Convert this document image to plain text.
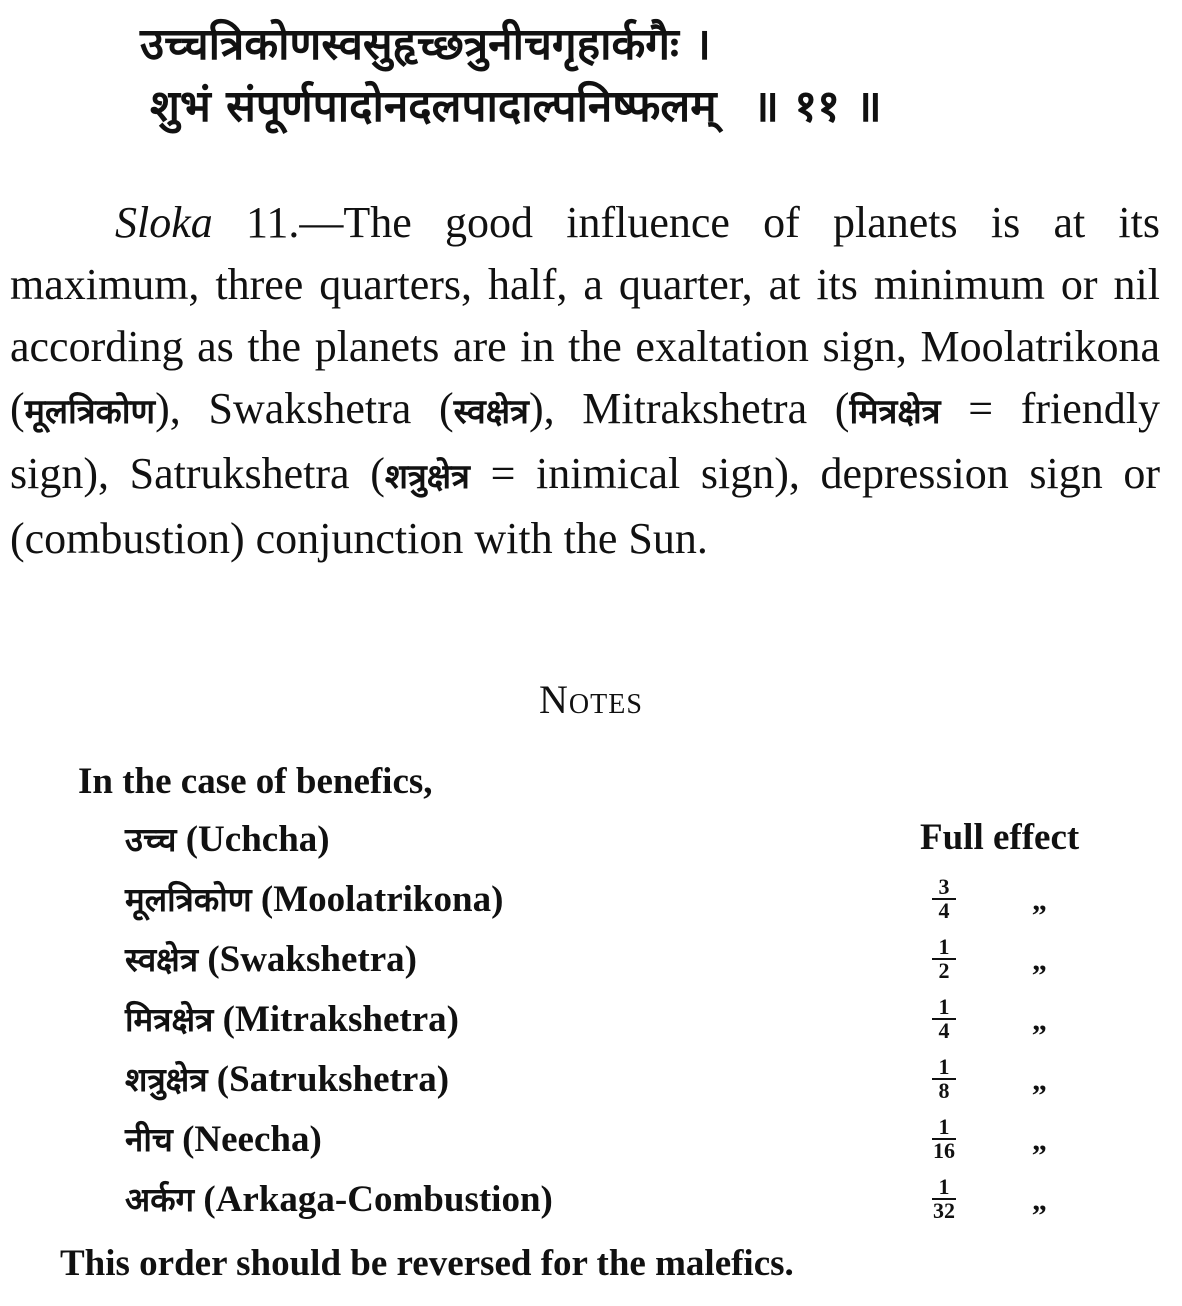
उच्चत्रिकोणस्वसुहृच्छत्रुनीचगृहार्कगैः ।
शुभं संपूर्णपादोनदलपादाल्पनिष्फलम् ॥ ११ ॥

Sloka 11.—The good influence of planets is at its maximum, three quarters, half, a quarter, at its minimum or nil according as the planets are in the exaltation sign, Moolatrikona (मूलत्रिकोण), Swakshetra (स्वक्षेत्र), Mitrakshetra (मित्रक्षेत्र = friendly sign), Satrukshetra (शत्रुक्षेत्र = inimical sign), depression sign or (combustion) conjunction with the Sun.

Notes
In the case of benefics,
उच्च (Uchcha)	Full effect
मूलत्रिकोण (Moolatrikona)	$\frac{3}{4}$ „
स्वक्षेत्र (Swakshetra)	$\frac{1}{2}$ „
मित्रक्षेत्र (Mitrakshetra)	$\frac{1}{4}$ „
शत्रुक्षेत्र (Satrukshetra)	$\frac{1}{8}$ „
नीच (Neecha)	$\frac{1}{16}$ „
अर्कग (Arkaga-Combustion)	$\frac{1}{32}$ „
This order should be reversed for the malefics.
